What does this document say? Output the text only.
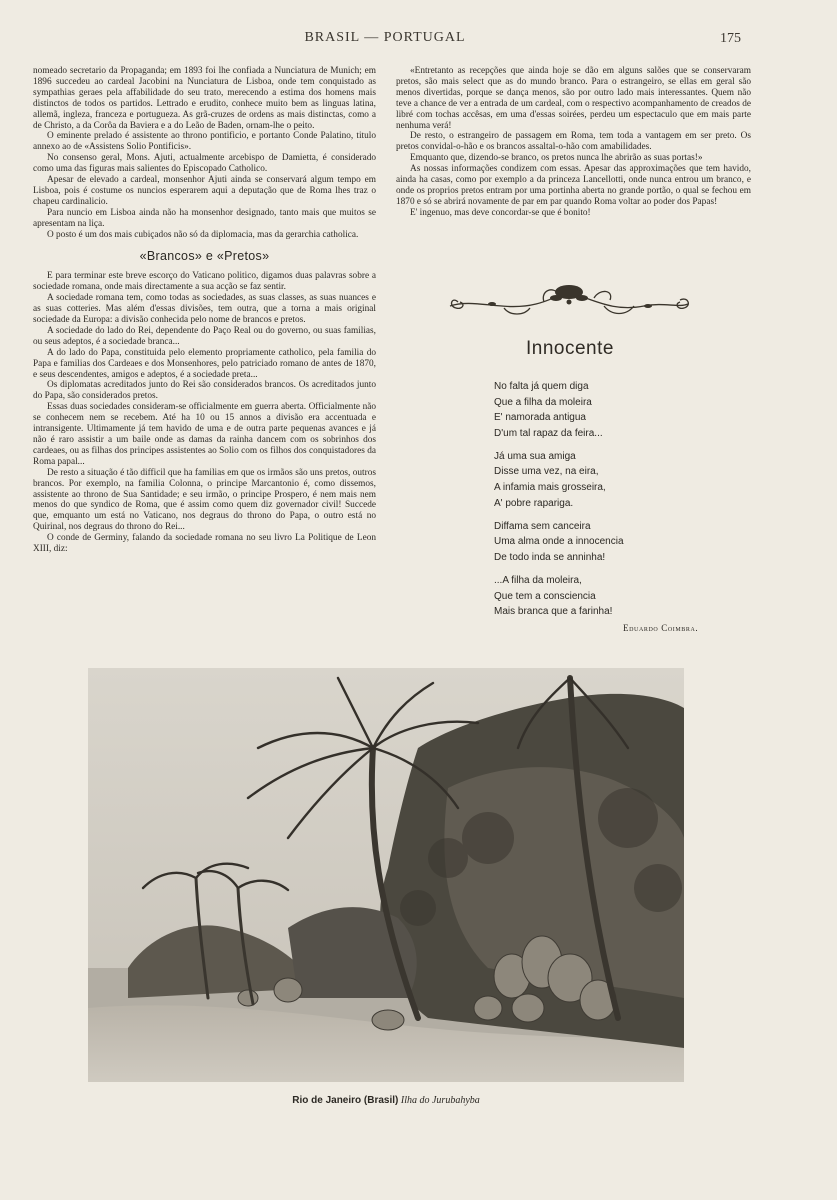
BRASIL — PORTUGAL	175

nomeado secretario da Propaganda; em 1893 foi lhe confiada a Nunciatura de Munich; em 1896 succedeu ao cardeal Jacobini na Nunciatura de Lisboa, onde tem conquistado as sympathias geraes pela affabilidade do seu trato, merecendo a estima dos homens mais distinctos de todos os partidos. Lettrado e erudito, conhece muito bem as linguas latina, allemã, ingleza, franceza e portugueza. As grã-cruzes de ordens as mais distinctas, como a de Christo, a da Corôa da Baviera e a do Leão de Baden, ornam-lhe o peito.

O eminente prelado é assistente ao throno pontificio, e portanto Conde Palatino, titulo annexo ao de «Assistens Solio Pontificis».

No consenso geral, Mons. Ajuti, actualmente arcebispo de Damietta, é considerado como uma das figuras mais salientes do Episcopado Catholico.

Apesar de elevado a cardeal, monsenhor Ajuti ainda se conservará algum tempo em Lisboa, pois é costume os nuncios esperarem aqui a deputação que de Roma lhes traz o chapeu cardinalicio.

Para nuncio em Lisboa ainda não ha monsenhor designado, tanto mais que muitos se apresentam na liça.

O posto é um dos mais cubiçados não só da diplomacia, mas da gerarchia catholica.

«Brancos» e «Pretos»

E para terminar este breve escorço do Vaticano politico, digamos duas palavras sobre a sociedade romana, onde mais directamente a sua acção se faz sentir.

A sociedade romana tem, como todas as sociedades, as suas classes, as suas nuances e as suas cotteries. Mas além d'essas divisões, tem outra, que a torna a mais original sociedade da Europa: a divisão conhecida pelo nome de brancos e pretos.

A sociedade do lado do Rei, dependente do Paço Real ou do governo, ou suas familias, ou seus adeptos, é a sociedade branca...

A do lado do Papa, constituida pelo elemento propriamente catholico, pela familia do Papa e familias dos Cardeaes e dos Monsenhores, pelo patriciado romano de antes de 1870, e seus descendentes, amigos e adeptos, é a sociedade preta...

Os diplomatas acreditados junto do Rei são considerados brancos. Os acreditados junto do Papa, são considerados pretos.

Essas duas sociedades consideram-se officialmente em guerra aberta. Officialmente não se conhecem nem se recebem. Até ha 10 ou 15 annos a divisão era accentuada e intransigente. Ultimamente já tem havido de uma e de outra parte pequenas avances e já não é raro assistir a um baile onde as damas da rainha dancem com os sobrinhos dos cardeaes, ou as filhas dos principes assistentes ao Solio com os filhos dos conquistadores da Roma papal...

De resto a situação é tão difficil que ha familias em que os irmãos são uns pretos, outros brancos. Por exemplo, na familia Colonna, o principe Marcantonio é, como dissemos, assistente ao throno de Sua Santidade; e seu irmão, o principe Prospero, é nem mais nem menos do que syndico de Roma, que é assim como quem diz governador civil! Succede que, emquanto um está no Vaticano, nos degraus do throno do Papa, o outro está no Quirinal, nos degraus do throno do Rei...

O conde de Germiny, falando da sociedade romana no seu livro La Politique de Leon XIII, diz:

«Entretanto as recepções que ainda hoje se dão em alguns salões que se conservaram pretos, são mais select que as do mundo branco. Para o estrangeiro, se ellas em geral são menos divertidas, porque se dança menos, são por outro lado mais interessantes. Quem não teve a chance de ver a entrada de um cardeal, com o respectivo acompanhamento de creados de libré com tochas accêsas, em uma d'essas soirées, perdeu um espectaculo que em mais parte nenhuma verá!

De resto, o estrangeiro de passagem em Roma, tem toda a vantagem em ser preto. Os pretos convidal-o-hão e os brancos assaltal-o-hão com amabilidades.

Emquanto que, dizendo-se branco, os pretos nunca lhe abrirão as suas portas!»

As nossas informações condizem com essas. Apesar das approximações que tem havido, ainda ha casas, como por exemplo a da princeza Lancellotti, onde nunca entrou um branco, e onde os proprios pretos entram por uma portinha aberta no grande portão, o qual se fechou em 1870 e só se abrirá novamente de par em par quando Roma voltar ao poder dos Papas!

E' ingenuo, mas deve concordar-se que é bonito!

Innocente
No falta já quem diga
Que a filha da moleira
E' namorada antigua
D'um tal rapaz da feira...
Já uma sua amiga
Disse uma vez, na eira,
A infamia mais grosseira,
A' pobre rapariga.
Diffama sem canceira
Uma alma onde a innocencia
De todo inda se anninha!
...A filha da moleira,
Que tem a consciencia
Mais branca que a farinha!
Eduardo Coimbra.
Rio de Janeiro (Brasil) Ilha do Jurubahyba
